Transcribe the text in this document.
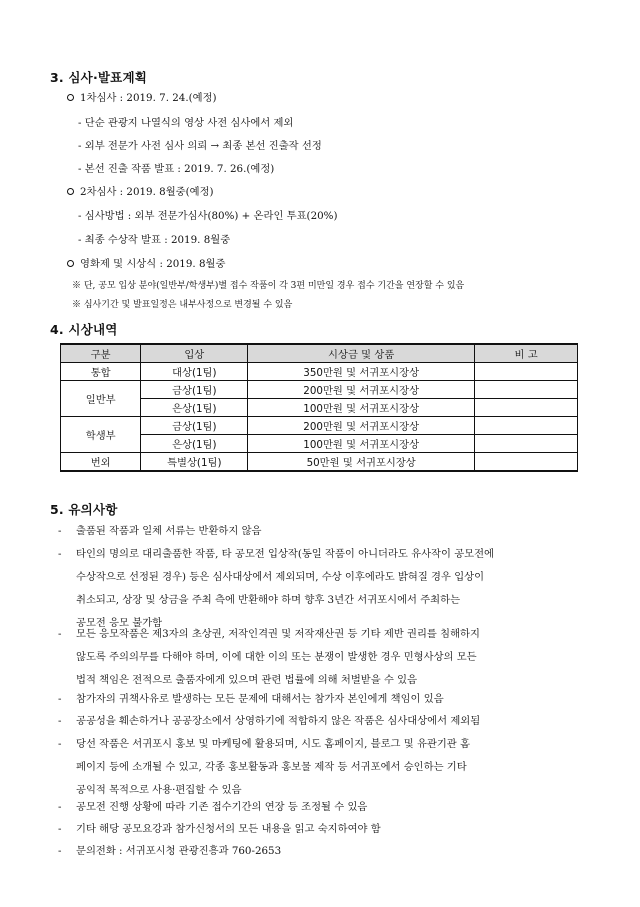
3. 심사·발표계획
1차심사 : 2019. 7. 24.(예정)
- 단순 관광지 나열식의 영상 사전 심사에서 제외
- 외부 전문가 사전 심사 의뢰 → 최종 본선 진출작 선정
- 본선 진출 작품 발표 : 2019. 7. 26.(예정)
2차심사 : 2019. 8월중(예정)
- 심사방법 : 외부 전문가심사(80%) + 온라인 투표(20%)
- 최종 수상작 발표 : 2019. 8월중
영화제 및 시상식 : 2019. 8월중
※ 단, 공모 입상 분야(일반부/학생부)별 접수 작품이 각 3편 미만일 경우 접수 기간을 연장할 수 있음
※ 심사기간 및 발표일정은 내부사정으로 변경될 수 있음
4. 시상내역
구분	입상	시상금 및 상품	비 고
통합	대상(1팀)	350만원 및 서귀포시장상	
일반부	금상(1팀)	200만원 및 서귀포시장상	
	은상(1팀)	100만원 및 서귀포시장상	
학생부	금상(1팀)	200만원 및 서귀포시장상	
	은상(1팀)	100만원 및 서귀포시장상	
번외	특별상(1팀)	50만원 및 서귀포시장상	
5. 유의사항
- 출품된 작품과 일체 서류는 반환하지 않음
- 타인의 명의로 대리출품한 작품, 타 공모전 입상작(동일 작품이 아니더라도 유사작이 공모전에
수상작으로 선정된 경우) 등은 심사대상에서 제외되며, 수상 이후에라도 밝혀질 경우 입상이
취소되고, 상장 및 상금을 주최 측에 반환해야 하며 향후 3년간 서귀포시에서 주최하는
공모전 응모 불가함
- 모든 응모작품은 제3자의 초상권, 저작인격권 및 저작재산권 등 기타 제반 권리를 침해하지
않도록 주의의무를 다해야 하며, 이에 대한 이의 또는 분쟁이 발생한 경우 민형사상의 모든
법적 책임은 전적으로 출품자에게 있으며 관련 법률에 의해 처벌받을 수 있음
- 참가자의 귀책사유로 발생하는 모든 문제에 대해서는 참가자 본인에게 책임이 있음
- 공공성을 훼손하거나 공공장소에서 상영하기에 적합하지 않은 작품은 심사대상에서 제외됨
- 당선 작품은 서귀포시 홍보 및 마케팅에 활용되며, 시도 홈페이지, 블로그 및 유관기관 홈
페이지 등에 소개될 수 있고, 각종 홍보활동과 홍보물 제작 등 서귀포에서 승인하는 기타
공익적 목적으로 사용·편집할 수 있음
- 공모전 진행 상황에 따라 기존 접수기간의 연장 등 조정될 수 있음
- 기타 해당 공모요강과 참가신청서의 모든 내용을 읽고 숙지하여야 함
- 문의전화 : 서귀포시청 관광진흥과 760-2653
